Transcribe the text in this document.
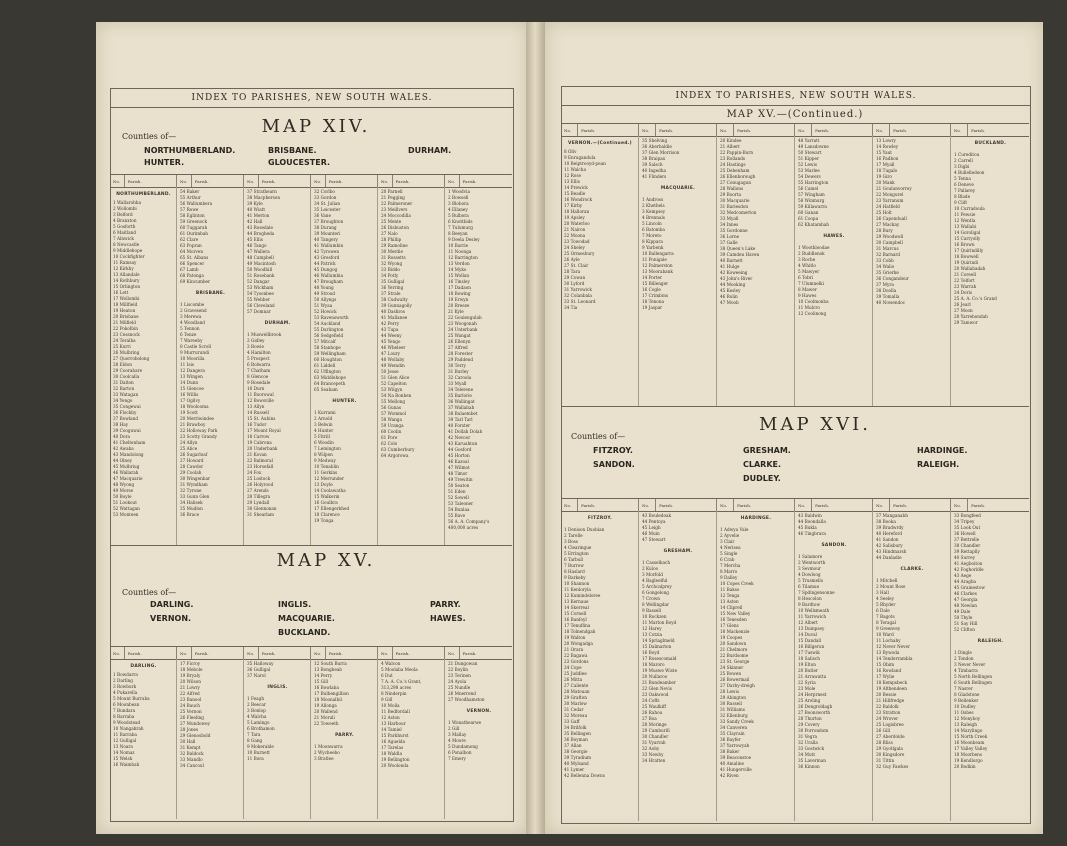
INDEX TO PARISHES, NEW SOUTH WALES.
MAP XIV.
Counties of—
NORTHUMBERLAND.
HUNTER.
BRISBANE.
GLOUCESTER.
DURHAM.
No.	Parish.	No.	Parish.	No.	Parish.	No.	Parish.	No.	Parish.	No.	Parish.
NORTHUMBERLAND.
1 Wallarobba
2 Wollombi
3 Belford
4 Branxton
5 Gosforth
6 Maitland
7 Alnwick
8 Newcastle
9 Middlehope
10 Cockfighter
11 Ramsay
12 Kirkby
13 Allandale
14 Rothbury
15 Orlington
16 Lett
17 Wollombi
18 Millfield
19 Heaton
20 Brisbane
21 Milfield
22 Pokolbin
23 Cessnock
24 Teralba
25 Kurri
26 Mulbring
27 Quorrobolong
28 Eldon
29 Coorabare
30 Coolcalla
31 Dalton
32 Barton
33 Watagan
34 Yengo
35 Congewai
36 Flockby
37 Bowland
38 Hay
39 Cooguwai
40 Dora
41 Cheltenham
42 Awaba
43 Mandolong
44 Olney
45 Mulbriug
46 Wallarah
47 Macquarie
48 Wyong
49 Morse
50 Boyle
51 Lookout
52 Wattagan
53 Monteen
54 Baker
55 Arthur
56 Wallumbera
57 Rowe
58 Eglinton
59 Greenock
60 Tuggarah
61 Ourimbah
62 Clare
63 Popran
64 Morven
65 St. Albans
66 Spencer
67 Lamb
68 Patonga
69 Kincumber
BRISBANE.
1 Liscombe
2 Gravesend
3 Merewa
4 Woodland
5 Tennon
6 Tenze
7 Wareeby
8 Castle Scroll
9 Murrurundi
10 Moorilla
11 Isis
12 Dangera
13 Wingen
14 Dunn
15 Glencoe
16 Willis
17 Ogilvy
18 Woolooma
19 Scott
20 Merriwindee
21 Brawboy
22 Holloway Park
23 Scotty Grandy
24 Allyn
25 Alice
26 Sugarloaf
27 Howard
28 Cawdor
29 Coolah
30 Wingenbar
31 Wyndham
32 Tyrone
33 Gunn Glen
34 Halisek
35 Mudlon
36 Brace
37 Strathearn
38 Macpherson
39 Kyle
40 Wiatt
41 Merton
42 Hall
43 Rosedale
44 Brogheda
45 Ellis
46 Tango
47 Wallera
48 Campbell
49 Macintosh
50 Woodhill
51 Rosebank
52 Dangar
53 Wickham
54 Tysonbee
55 Webber
56 Cleveland
57 Domnar
DURHAM.
1 Muswellbrook
2 Gidley
3 Bowie
4 Hamilton
5 Prospect
6 Bolwarra
7 Chatham
8 Glencoe
9 Rosedale
10 Durn
11 Boorowal
12 Bowsville
13 Allyn
14 Russell
15 St. Aubins
16 Tudor
17 Mount Royal
18 Carrow
19 Cabrona
20 Underbank
21 Kovan
22 Balmoral
23 Horsefall
24 Fox
25 Lostock
26 Holyrood
27 Arends
28 Tillegra
29 Lyndall
30 Glennonan
31 Shearlam
32 Corlbo
33 Gordon
34 St. Julian
35 Leicester
36 Vane
37 Broughton
38 Durang
39 Mounteri
40 Tangery
41 Wallumbin
42 Tyrowen
43 Gresford
44 Patrick
45 Dungog
46 Wallumbia
47 Brougham
48 Young
49 Stroud
50 Allyngs
51 Wyaa
52 Howick
53 Ravensworth
54 Auckland
55 Darlington
56 Sedgefield
57 Mitcalf
58 Stanhope
59 Wellingham
60 Houghton
61 Liddell
62 Uffington
63 Middlehope
64 Brancepeth
65 Seaham
HUNTER.
1 Kurrami
2 Arnold
3 Belwin
4 Hunter
5 Fitrill
6 Woodin
7 Lemington
8 Wilpen
9 Medway
10 Tenablin
11 Gerkins
12 Merrunder
13 Doyle
14 Coolawatha
15 Walkerin
16 Goulbra
17 Ellengerkhed
18 Clarence
19 Tonga
20 Parnell
21 Pegging
22 Palmeroner
23 Meillvers
24 Moccodilla
25 Mente
26 Disbuston
27 Nalo
28 Phillip
29 Ramoline
30 Merdie
31 Rossetts
32 Wyong
33 Biddo
34 Potly
35 Gulligal
36 Yerring
37 Strale
38 Cudwalty
39 Gunnagolly
40 Dashros
41 Mallanee
42 Perry
43 Tupa
44 Weeny
45 Yengo
46 Wheleer
47 Loury
48 Wollaby
49 Wemdin
50 Jesse
51 Glen Alice
52 Capelton
53 Wilgyn
54 Na Bonben
55 Mellong
56 Gunas
57 Wommol
58 Wanga
59 Uranga
60 Coolin
61 Pore
62 Colo
63 Cumberbury
64 Argorowa
1 Woodvia
2 Bowsell
3 Blobora
4 Ellaney
5 Bulbora
6 Knottbids
7 Tulumurg
8 Beeyan
9 Deela Desley
10 Barrie
11 Noonga
12 Barrington
13 Verdon
14 Myko
15 Wollan
16 Tinsley
17 Dadaon
18 Bowing
19 Erwyn
20 Breeze
21 Kyle
22 Goulengulah
23 Woogonah
24 Unterbank
25 Wangat
26 Ellenyn
27 Alfred
28 Forester
29 Paddend
30 Terry
31 Burley
32 Caroola
33 Myall
34 Telerene
35 Barlorie
36 Wallingat
37 Wallabah
38 Bulaembet
39 Tarl Tarl
40 Forster
41 Dollah Dolah
42 Nevoor
43 Karuahtun
44 Gosford
45 Horton
46 Kazoal
47 Wilmot
48 Timor
49 Trewitin
50 Seaton
51 Eden
52 Sowell
53 Taleoner
54 Bunlaa
55 Bave
56 A. A. Company's
400,000 acres
MAP XV.
Counties of—
DARLING.
VERNON.
INGLIS.
MACQUARIE.
BUCKLAND.
PARRY.
HAWES.
No.	Parish.	No.	Parish.	No.	Parish.	No.	Parish.	No.	Parish.	No.	Parish.
DARLING.
1 Bowdarra
2 Darling
3 Rowburk
4 Pukarella
5 Mount Burraba
6 Moonbean
7 Bundara
8 Barraba
9 Woodstead
10 Nangahrah
11 Barraba
12 Gulligal
13 Noara
14 Nomaz
15 Welsh
16 Waimbah
17 Ficroy
18 Mebole
19 Bryaly
20 Wilson
21 Lowry
22 Alfred
23 Banool
24 Bauch
25 Vernon
26 Fleeling
27 Mundowey
28 Jones
29 Glenosbold
30 Hall
31 Kempt
32 Baldock
33 Mandlo
34 Cancoul
35 Halloway
36 Gulligal
37 Narol
INGLIS.
1 Feagh
2 Beecar
3 Bonlop
4 Walcha
5 Lamingo
6 Brothamon
7 Tara
8 Gang
9 Mokeralde
10 Burnett
11 Bora
12 South Burra
13 Bongbeab
14 Perry
15 Gill
16 Bowlaba
17 Bulbengillion
18 Moonalbil
19 Allonga
20 Wallend
21 Moruli
22 Toweeth
PARRY.
1 Moonwarra
2 Wycheebo
3 Bratlee
4 Walcon
5 Moolaba Meola
6 Dut
7 A. A. Co.'s Grant,
313,298 acres
8 Ninderpin
9 Gill
10 Moila
11 Bedfordall
12 Aston
13 Harbour
14 Tamiel
15 Parkhurst
16 Aguelda
17 Tarelas
18 Waldla
19 Bellington
20 Woolonda
21 Dungowan
22 Boylin
23 Terinen
24 Ayola
25 Nundle
26 Mnerrend
27 Woodhamston
VERNON.
1 Wonathearwe
2 Gill
3 Mallay
4 Moore
5 Dundamong
6 Ponalbon
7 Emery
INDEX TO PARISHES, NEW SOUTH WALES.
MAP XV.—(Continued.)
No.	Parish.	No.	Parish.	No.	Parish.	No.	Parish.	No.	Parish.	No.	Parish.
VERNON.—(Continued.)
8 Oliv
9 Enrugandula
10 Beiptrooyd-pean
11 Walcha
12 Rose
13 Ellis
14 Prewick
15 Beadle
16 Wondrock
17 Kirby
18 Halloran
19 Apsley
20 Waterloo
21 Nairon
22 Moona
23 Towodad
24 Sheley
25 Ormesbury
26 Ayle
27 St. Clair
28 Tara
29 Cowan
30 Lyford
31 Yarrowick
32 Colanbala
33 St. Leonard
34 Tia
35 Shelving
36 Aberbaldie
37 Glen Morrison
38 Braipax
39 Salsch
40 Ingedha
41 Flinders
MACQUARIE.
1 Andross
2 Khethels
3 Kempsey
4 Brennals
5 Lincoln
6 Batomba
7 Moreto
8 Kippara
9 Yarbenk
10 Ballengarra
11 Ponigale
12 Palmerston
13 Moorabank
14 Porter
15 Billenger
16 Cogle
17 Crimbins
18 Tenona
19 Jaspar
20 Kindee
21 Albert
22 Pappin-Burn
23 Rollands
24 Hastings
25 Debenham
26 Ellenborough
27 Conugagun
28 Wallons
29 Boorta
30 Macquarie
31 Bariesdon
32 Medcomerton
33 Myall
34 Innes
35 Gordonne
36 Lorne
37 Galle
38 Queen's Lake
39 Camden Haven
40 Barnett
41 Hulge
42 Koweeing
43 John's River
44 Mooking
45 Kesley
46 Rolin
47 Moob
48 Yarratt
49 Lansdowne
50 Stewart
51 Kipper
52 Lewis
53 Marlee
54 Dewers
55 Harrington
56 Camel
57 Wingham
58 Winmurg
59 Killawarra
60 Ganan
61 Coopa
62 Khatambah
HAWES.
1 Woothloodae
2 Buddlenok
3 Roche
4 Whitlo
5 Mawyer
6 Tobri
7 Ulumnelki
8 Mawer
9 Hawes
10 Coolmonba
11 Mulcro
12 Coolinong
13 Lowry
14 Rowley
15 Yaut
16 Padbon
17 Myall
18 Tugalo
19 Giro
20 Mank
21 Goulunvorrey
22 Mongurel
23 Yarranum
24 Hatfield
25 Holt
26 Caponduall
27 Mackay
28 Bury
29 Woodwell
30 Campbell
31 Marcus
32 Barnard
33 Cobb
34 Walio
35 Grierke
36 Congandeur
37 Myra
38 Doolla
39 Tomalla
40 Nowendoc
BUCKLAND.
1 Cureditou
2 Carrell
3 Digbi
4 Bullelledoon
5 Tenna
6 Deneve
7 Pallarey
8 Blade
9 Clift
10 Curradoula
11 Pewsie
12 Wentla
13 Wallabi
14 Goroligal
15 Carryolly
16 Brown
17 Quirindilly
18 Bowwell
19 Quirindi
20 Wallabadah
21 Coreell
22 Telfort
23 Warrah
24 Doris
25 A. A. Co.'s Grand
26 Jearl
27 Moon
28 Yarrebondah
29 Tamwor
MAP XVI.
Counties of—
FITZROY.
SANDON.
GRESHAM.
CLARKE.
DUDLEY.
HARDINGE.
RALEIGH.
No.	Parish.	No.	Parish.	No.	Parish.	No.	Parish.	No.	Parish.	No.	Parish.
FITZROY.
1 Denison Duobian
2 Tarelle
3 Boss
4 Clearingue
5 Errington
6 Tarbull
7 Burrow
8 Haslard
9 Barkeby
10 Shannon
11 Kenloryla
12 Kumindeloree
13 Kernaue
14 Skerreal
15 Cornell
16 Banfoyl
17 Tenuflina
18 Tolnendgah
19 Walton
20 Wongadga
21 Orara
22 Bagawa
23 Gordons
24 Cope
25 Juddlee
26 Mitta
27 Caliente
28 Matouan
29 Grafton
30 Marlow
31 Cedar
32 Moreau
33 Gaff
34 Brilfolk
35 Bellingen
36 Boyman
37 Allan
38 Georgie
39 Tyradium
40 Mylsand
41 Lymer
42 Bellenna Downs
43 Bouledoak
44 Pentoya
45 Leigh
46 Muin
47 Stewart
GRESHAM.
1 Casselbach
2 Kuloo
3 Morfold
4 Bagleelful
5 Archcalprey
6 Gongelong
7 Crown
8 Wellingdar
9 Bassell
10 Rockzen
11 Marton Boyd
12 Harey
13 Cotzia
14 Spriaglmeld
15 Dalmarton
16 Boyd
17 Rosescomald
18 Maroro
19 Muswe Wiste
20 Nullaroo
21 Bundeamber
22 Glen Nevis
23 Oakwood
24 Coffs
25 Waulkiff
26 Rahou
27 Boa
28 Moringe
29 Camburill
30 Chandler
31 Vyarrah
32 Aoby
33 Newby
34 Hratten
HARDINGE.
1 Adwya Vale
2 Ayvelie
3 Clair
4 Nerisea
5 Single
6 Crab
7 Mercha
8 Marro
9 Dalley
10 Copes Creek
11 Bakso
12 Tenga
13 Aston
14 Cliprell
15 New Valley
16 Tenesden
17 Glens
18 Mackenzie
19 Coopes
20 Sandown
21 Chelmore
22 Burdsome
23 St. George
24 Skinner
25 Bowen
26 Bowermail
27 Darby-dreigh
28 Lewis
29 Abington
30 Russell
31 Williams
32 Ellenburg
33 Sandy Creek
34 Canveren
35 Clayrain
36 Bayfer
37 Yarrowyah
38 Baker
39 Beaconstoe
40 Amaline
41 Hungerville
42 Riven
43 Baldwin
44 Boondalla
45 Bukla
46 Tingbrara
SANDON.
1 Salamore
2 Wentworth
3 Sevmour
4 Dowloog
5 Trusmells
6 Tilamue
7 Spdingensonne
8 Hescolon
9 Bardtow
10 Wellsmeath
11 Yarrowich
12 Albert
13 Dumpsey
14 Duval
15 Dandall
16 Billgerun
17 Tuswik
18 Salisch
19 Elton
20 Butler
21 Arrawatta
22 Syria
23 Mole
24 Herprnest
25 Aroling
26 Dengroldagh
27 Boonsworth
28 Thurton
29 Covery
30 Porrondom
31 Vegra
32 Uralla
33 Gostwick
34 Mutt
35 Laverman
36 Kinnon
37 Manganabh
38 Booka
39 Bradwrdy
40 Hereford
41 Sandon
42 Salisbury
43 Hindmarsh
44 Danladie
CLARKE.
1 Mitchell
2 Mount Rose
3 Hall
4 Seeley
5 Rhyder
6 Dale
7 Bagots
8 Teragal
9 Greenvey
10 Ward
11 Lochaby
12 Never Never
13 Bywoda
14 Tenderrambla
15 Obim
16 Rowland
17 Wylie
18 Kempsbeck
19 Althendeen
20 Bessie
21 Hillfredge
22 Baldolk
23 Stratton
24 Wrover
25 Logisbree
26 Gill
27 Aberdolde
28 Bliss
29 Gyotlgala
30 Kingsdore
31 Tittin
32 Guy Fawkes
33 Bongfeed
34 Tripey
35 Look Out
36 Howell
37 Bettrelle
38 Chandler
39 Rettaplly
40 Surrey
41 Aegboiton
42 Foghorldle
43 Aege
44 Aragba
45 Grainestow
46 Clarkes
47 Georgia
48 Newlan
49 Dale
50 Thyle
51 Say Hill
52 Clifton
RALEIGH.
1 Dingle
2 Tondon
3 Never Never
4 Timbarra
5 North Bellingen
6 South Bellingen
7 Nasrer
8 Gladstone
9 Bellenker
10 Dudley
11 Osbes
12 Monyboy
13 Raleigh
14 Marylingo
15 North Creek
16 Moonbeam
17 Valley Valley
18 Moorbens
19 Kendlorgo
20 Bodkin
